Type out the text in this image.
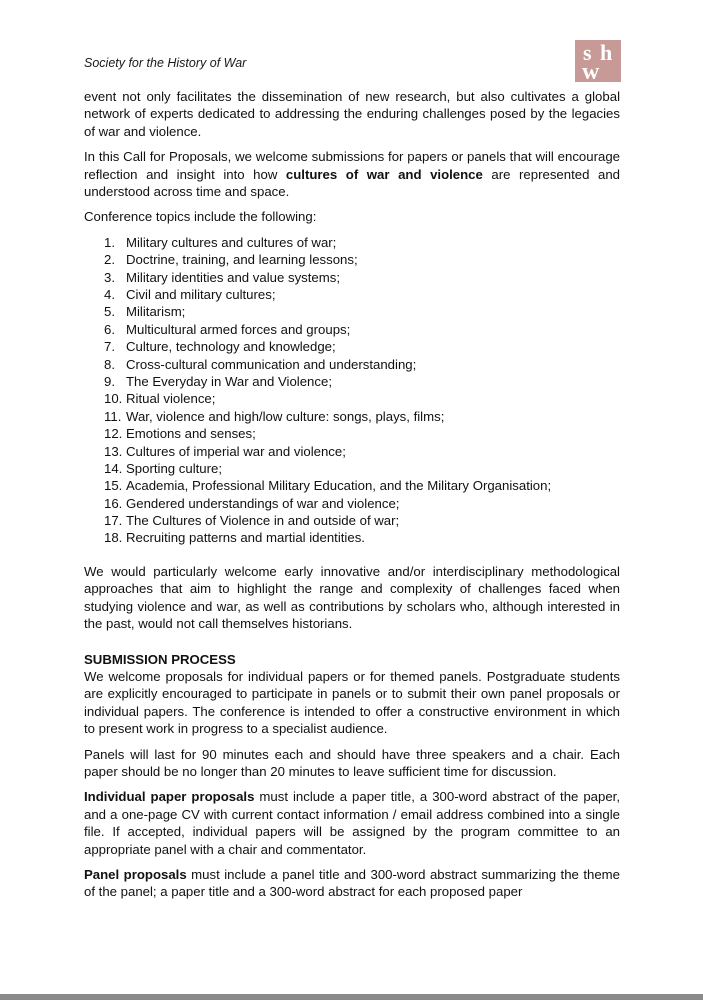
Society for the History of War	s h
w

event not only facilitates the dissemination of new research, but also cultivates a global network of experts dedicated to addressing the enduring challenges posed by the legacies of war and violence.

In this Call for Proposals, we welcome submissions for papers or panels that will encourage reflection and insight into how cultures of war and violence are represented and understood across time and space.

Conference topics include the following:

1. Military cultures and cultures of war;
2. Doctrine, training, and learning lessons;
3. Military identities and value systems;
4. Civil and military cultures;
5. Militarism;
6. Multicultural armed forces and groups;
7. Culture, technology and knowledge;
8. Cross-cultural communication and understanding;
9. The Everyday in War and Violence;
10. Ritual violence;
11. War, violence and high/low culture: songs, plays, films;
12. Emotions and senses;
13. Cultures of imperial war and violence;
14. Sporting culture;
15. Academia, Professional Military Education, and the Military Organisation;
16. Gendered understandings of war and violence;
17. The Cultures of Violence in and outside of war;
18. Recruiting patterns and martial identities.

We would particularly welcome early innovative and/or interdisciplinary methodological approaches that aim to highlight the range and complexity of challenges faced when studying violence and war, as well as contributions by scholars who, although interested in the past, would not call themselves historians.

SUBMISSION PROCESS

We welcome proposals for individual papers or for themed panels. Postgraduate students are explicitly encouraged to participate in panels or to submit their own panel proposals or individual papers. The conference is intended to offer a constructive environment in which to present work in progress to a specialist audience.

Panels will last for 90 minutes each and should have three speakers and a chair. Each paper should be no longer than 20 minutes to leave sufficient time for discussion.

Individual paper proposals must include a paper title, a 300-word abstract of the paper, and a one-page CV with current contact information / email address combined into a single file. If accepted, individual papers will be assigned by the program committee to an appropriate panel with a chair and commentator.

Panel proposals must include a panel title and 300-word abstract summarizing the theme of the panel; a paper title and a 300-word abstract for each proposed paper
